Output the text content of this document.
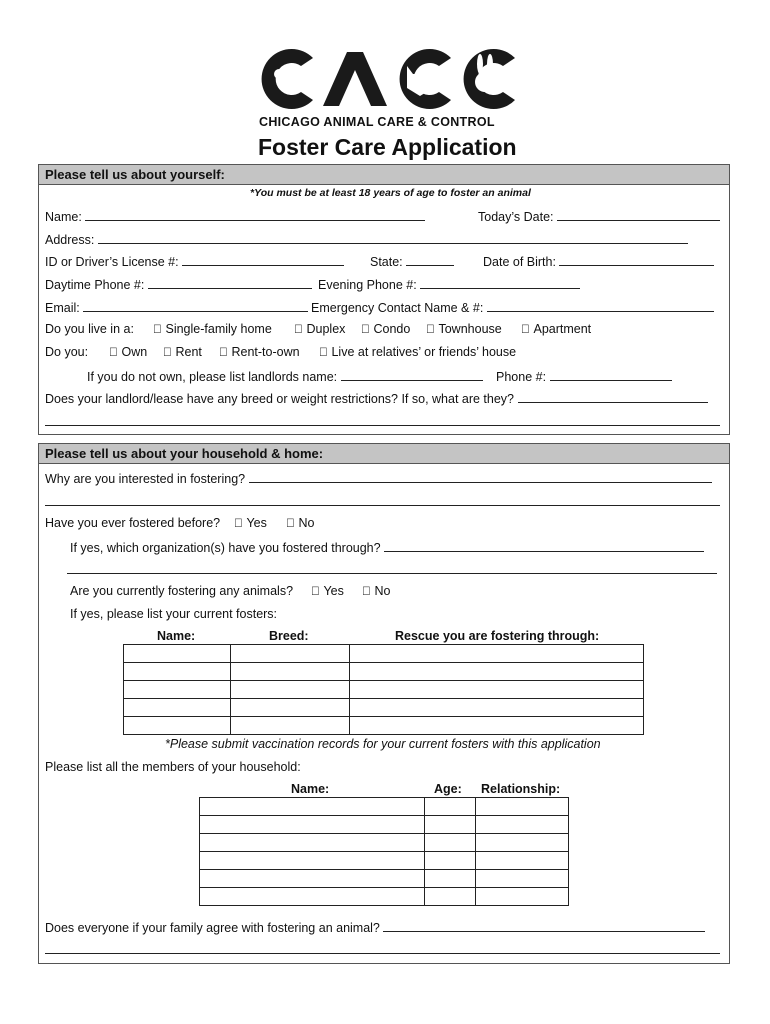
CHICAGO ANIMAL CARE & CONTROL
Foster Care Application
Please tell us about yourself:
*You must be at least 18 years of age to foster an animal
Name:	Today’s Date:
Address:
ID or Driver’s License #:	State:	Date of Birth:
Daytime Phone #:	Evening Phone #:
Email:	Emergency Contact Name & #:
Do you live in a: Single-family home	Duplex Condo Townhouse	Apartment
Do you: Own Rent Rent-to-own	Live at relatives’ or friends’ house
If you do not own, please list landlords name:	Phone #:
Does your landlord/lease have any breed or weight restrictions? If so, what are they?
Please tell us about your household & home:
Why are you interested in fostering?
Have you ever fostered before? Yes	No
If yes, which organization(s) have you fostered through?
Are you currently fostering any animals? Yes No
If yes, please list your current fosters:
Name:	Breed:	Rescue you are fostering through:

*Please submit vaccination records for your current fosters with this application
Please list all the members of your household:
Name:	Age: Relationship:

Does everyone if your family agree with fostering an animal?
